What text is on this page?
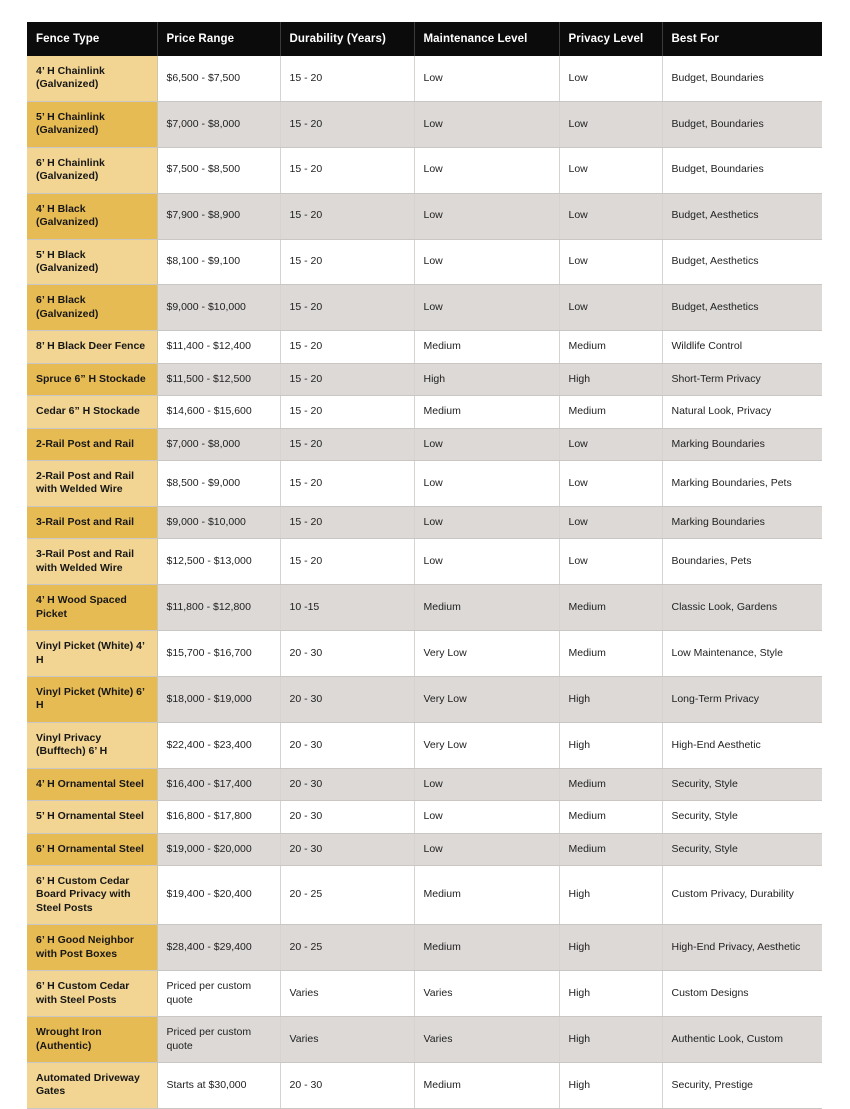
Fence Type	Price Range	Durability (Years)	Maintenance Level	Privacy Level	Best For
4’ H Chainlink (Galvanized)	$6,500 - $7,500	15 - 20	Low	Low	Budget, Boundaries
5’ H Chainlink (Galvanized)	$7,000 - $8,000	15 - 20	Low	Low	Budget, Boundaries
6’ H Chainlink (Galvanized)	$7,500 - $8,500	15 - 20	Low	Low	Budget, Boundaries
4’ H Black (Galvanized)	$7,900 - $8,900	15 - 20	Low	Low	Budget, Aesthetics
5’ H Black (Galvanized)	$8,100 - $9,100	15 - 20	Low	Low	Budget, Aesthetics
6’ H Black (Galvanized)	$9,000 - $10,000	15 - 20	Low	Low	Budget, Aesthetics
8’ H Black Deer Fence	$11,400 - $12,400	15 - 20	Medium	Medium	Wildlife Control
Spruce 6” H Stockade	$11,500 - $12,500	15 - 20	High	High	Short-Term Privacy
Cedar 6” H Stockade	$14,600 - $15,600	15 - 20	Medium	Medium	Natural Look, Privacy
2-Rail Post and Rail	$7,000 - $8,000	15 - 20	Low	Low	Marking Boundaries
2-Rail Post and Rail with Welded Wire	$8,500 - $9,000	15 - 20	Low	Low	Marking Boundaries, Pets
3-Rail Post and Rail	$9,000 - $10,000	15 - 20	Low	Low	Marking Boundaries
3-Rail Post and Rail with Welded Wire	$12,500 - $13,000	15 - 20	Low	Low	Boundaries, Pets
4’ H Wood Spaced Picket	$11,800 - $12,800	10 -15	Medium	Medium	Classic Look, Gardens
Vinyl Picket (White) 4’ H	$15,700 - $16,700	20 - 30	Very Low	Medium	Low Maintenance, Style
Vinyl Picket (White) 6’ H	$18,000 - $19,000	20 - 30	Very Low	High	Long-Term Privacy
Vinyl Privacy (Bufftech) 6’ H	$22,400 - $23,400	20 - 30	Very Low	High	High-End Aesthetic
4’ H Ornamental Steel	$16,400 - $17,400	20 - 30	Low	Medium	Security, Style
5’ H Ornamental Steel	$16,800 - $17,800	20 - 30	Low	Medium	Security, Style
6’ H Ornamental Steel	$19,000 - $20,000	20 - 30	Low	Medium	Security, Style
6’ H Custom Cedar Board Privacy with Steel Posts	$19,400 - $20,400	20 - 25	Medium	High	Custom Privacy, Durability
6’ H Good Neighbor with Post Boxes	$28,400 - $29,400	20 - 25	Medium	High	High-End Privacy, Aesthetic
6’ H Custom Cedar with Steel Posts	Priced per custom quote	Varies	Varies	High	Custom Designs
Wrought Iron (Authentic)	Priced per custom quote	Varies	Varies	High	Authentic Look, Custom
Automated Driveway Gates	Starts at $30,000	20 - 30	Medium	High	Security, Prestige
